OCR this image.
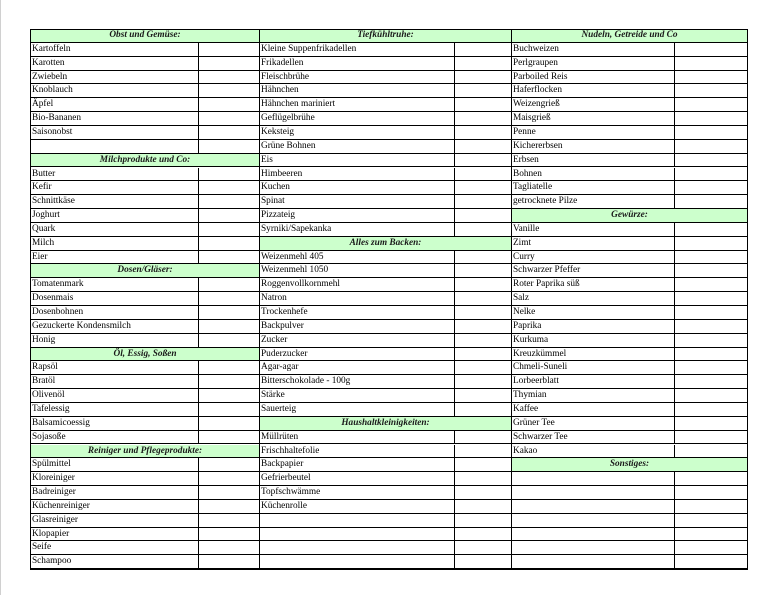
Obst und Gemüse:
Kartoffeln
Karotten
Zwiebeln
Knoblauch
Äpfel
Bio-Bananen
Saisonobst
Milchprodukte und Co:
Butter
Kefir
Schnittkäse
Joghurt
Quark
Milch
Eier
Dosen/Gläser:
Tomatenmark
Dosenmais
Dosenbohnen
Gezuckerte Kondensmilch
Honig
Öl, Essig, Soßen
Rapsöl
Bratöl
Olivenöl
Tafelessig
Balsamicoessig
Sojasoße
Reiniger und Pflegeprodukte:
Spülmittel
Kloreiniger
Badreiniger
Küchenreiniger
Glasreiniger
Klopapier
Seife
Schampoo
Tiefkühltruhe:
Kleine Suppenfrikadellen
Frikadellen
Fleischbrühe
Hähnchen
Hähnchen mariniert
Geflügelbrühe
Keksteig
Grüne Bohnen
Eis
Himbeeren
Kuchen
Spinat
Pizzateig
Syrniki/Sapekanka
Alles zum Backen:
Weizenmehl 405
Weizenmehl 1050
Roggenvollkornmehl
Natron
Trockenhefe
Backpulver
Zucker
Puderzucker
Agar-agar
Bitterschokolade - 100g
Stärke
Sauerteig
Haushaltkleinigkeiten:
Müllrüten
Frischhaltefolie
Backpapier
Gefrierbeutel
Topfschwämme
Küchenrolle
Nudeln, Getreide und Co
Buchweizen
Perlgraupen
Parboiled Reis
Haferflocken
Weizengrieß
Maisgrieß
Penne
Kichererbsen
Erbsen
Bohnen
Tagliatelle
getrocknete Pilze
Gewürze:
Vanille
Zimt
Curry
Schwarzer Pfeffer
Roter Paprika süß
Salz
Nelke
Paprika
Kurkuma
Kreuzkümmel
Chmeli-Suneli
Lorbeerblatt
Thymian
Kaffee
Grüner Tee
Schwarzer Tee
Kakao
Sonstiges:
